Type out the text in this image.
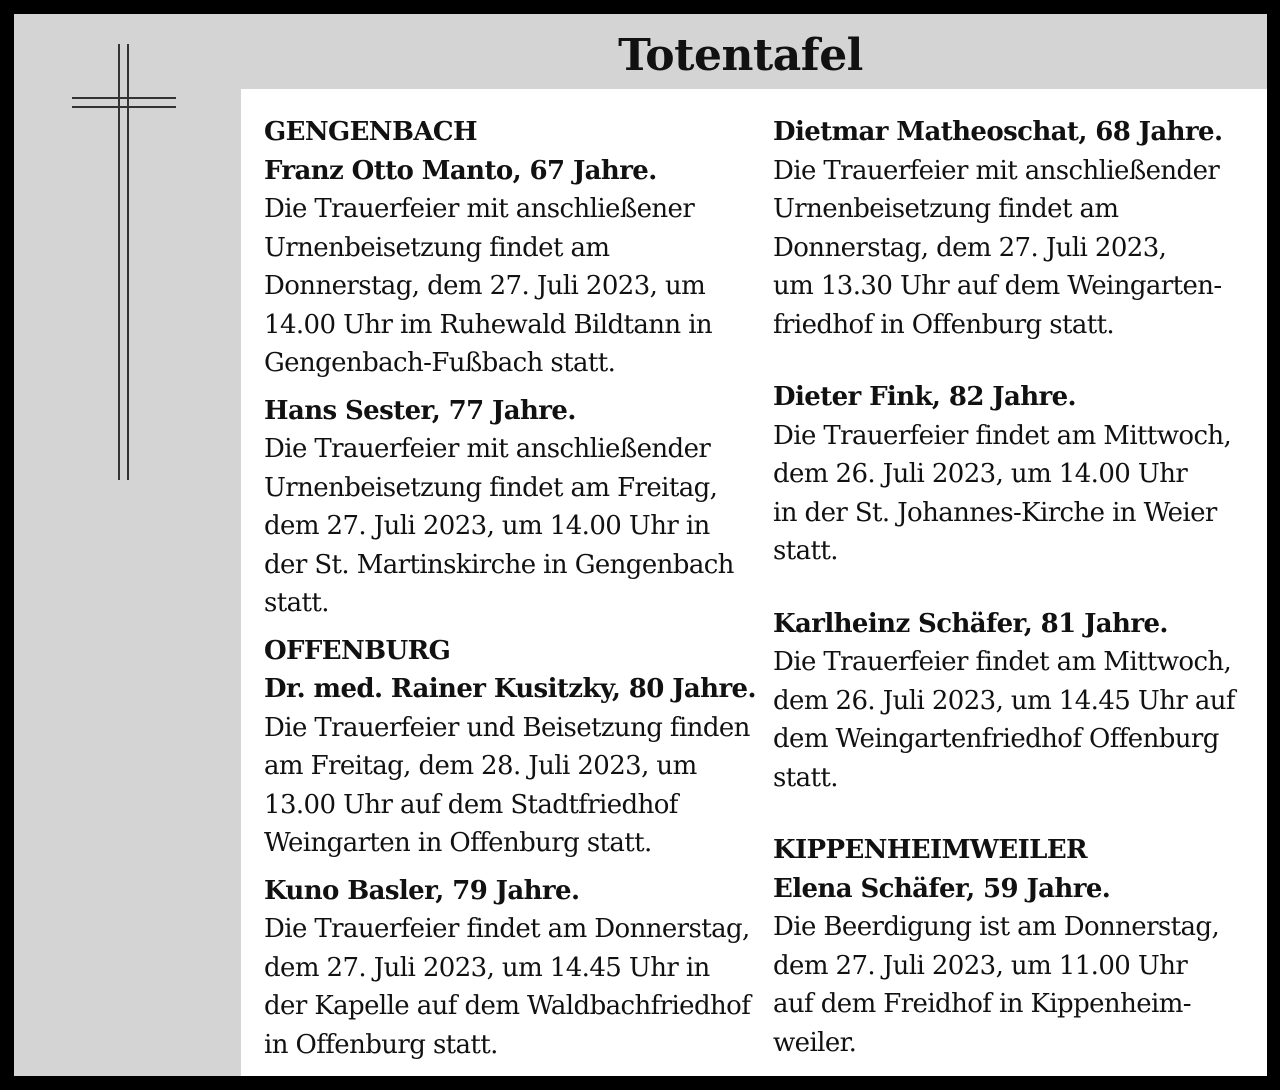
Totentafel
GENGENBACH
Franz Otto Manto, 67 Jahre.
Die Trauerfeier mit anschließener
Urnenbeisetzung findet am
Donnerstag, dem 27. Juli 2023, um
14.00 Uhr im Ruhewald Bildtann in
Gengenbach-Fußbach statt.
Hans Sester, 77 Jahre.
Die Trauerfeier mit anschließender
Urnenbeisetzung findet am Freitag,
dem 27. Juli 2023, um 14.00 Uhr in
der St. Martinskirche in Gengenbach
statt.
OFFENBURG
Dr. med. Rainer Kusitzky, 80 Jahre.
Die Trauerfeier und Beisetzung finden
am Freitag, dem 28. Juli 2023, um
13.00 Uhr auf dem Stadtfriedhof
Weingarten in Offenburg statt.
Kuno Basler, 79 Jahre.
Die Trauerfeier findet am Donnerstag,
dem 27. Juli 2023, um 14.45 Uhr in
der Kapelle auf dem Waldbachfriedhof
in Offenburg statt.
Dietmar Matheoschat, 68 Jahre.
Die Trauerfeier mit anschließender
Urnenbeisetzung findet am
Donnerstag, dem 27. Juli 2023,
um 13.30 Uhr auf dem Weingarten-
friedhof in Offenburg statt.
Dieter Fink, 82 Jahre.
Die Trauerfeier findet am Mittwoch,
dem 26. Juli 2023, um 14.00 Uhr
in der St. Johannes-Kirche in Weier
statt.
Karlheinz Schäfer, 81 Jahre.
Die Trauerfeier findet am Mittwoch,
dem 26. Juli 2023, um 14.45 Uhr auf
dem Weingartenfriedhof Offenburg
statt.
KIPPENHEIMWEILER
Elena Schäfer, 59 Jahre.
Die Beerdigung ist am Donnerstag,
dem 27. Juli 2023, um 11.00 Uhr
auf dem Freidhof in Kippenheim-
weiler.
